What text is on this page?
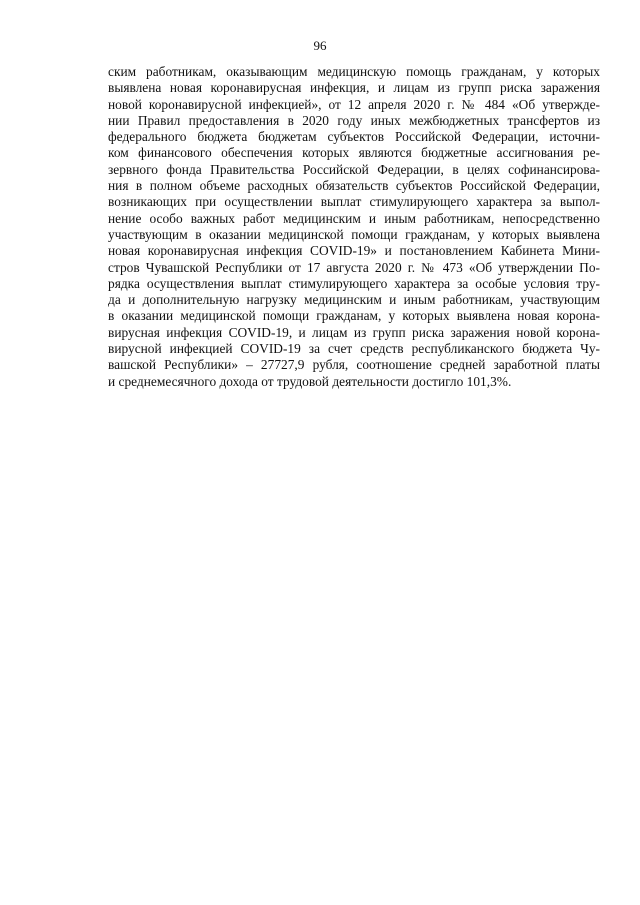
96
ским работникам, оказывающим медицинскую помощь гражданам, у которых
выявлена новая коронавирусная инфекция, и лицам из групп риска заражения
новой коронавирусной инфекцией», от 12 апреля 2020 г. № 484 «Об утвержде-
нии Правил предоставления в 2020 году иных межбюджетных трансфертов из
федерального бюджета бюджетам субъектов Российской Федерации, источни-
ком финансового обеспечения которых являются бюджетные ассигнования ре-
зервного фонда Правительства Российской Федерации, в целях софинансирова-
ния в полном объеме расходных обязательств субъектов Российской Федерации,
возникающих при осуществлении выплат стимулирующего характера за выпол-
нение особо важных работ медицинским и иным работникам, непосредственно
участвующим в оказании медицинской помощи гражданам, у которых выявлена
новая коронавирусная инфекция COVID-19» и постановлением Кабинета Мини-
стров Чувашской Республики от 17 августа 2020 г. № 473 «Об утверждении По-
рядка осуществления выплат стимулирующего характера за особые условия тру-
да и дополнительную нагрузку медицинским и иным работникам, участвующим
в оказании медицинской помощи гражданам, у которых выявлена новая корона-
вирусная инфекция COVID-19, и лицам из групп риска заражения новой корона-
вирусной инфекцией COVID-19 за счет средств республиканского бюджета Чу-
вашской Республики» – 27727,9 рубля, соотношение средней заработной платы
и среднемесячного дохода от трудовой деятельности достигло 101,3%.
